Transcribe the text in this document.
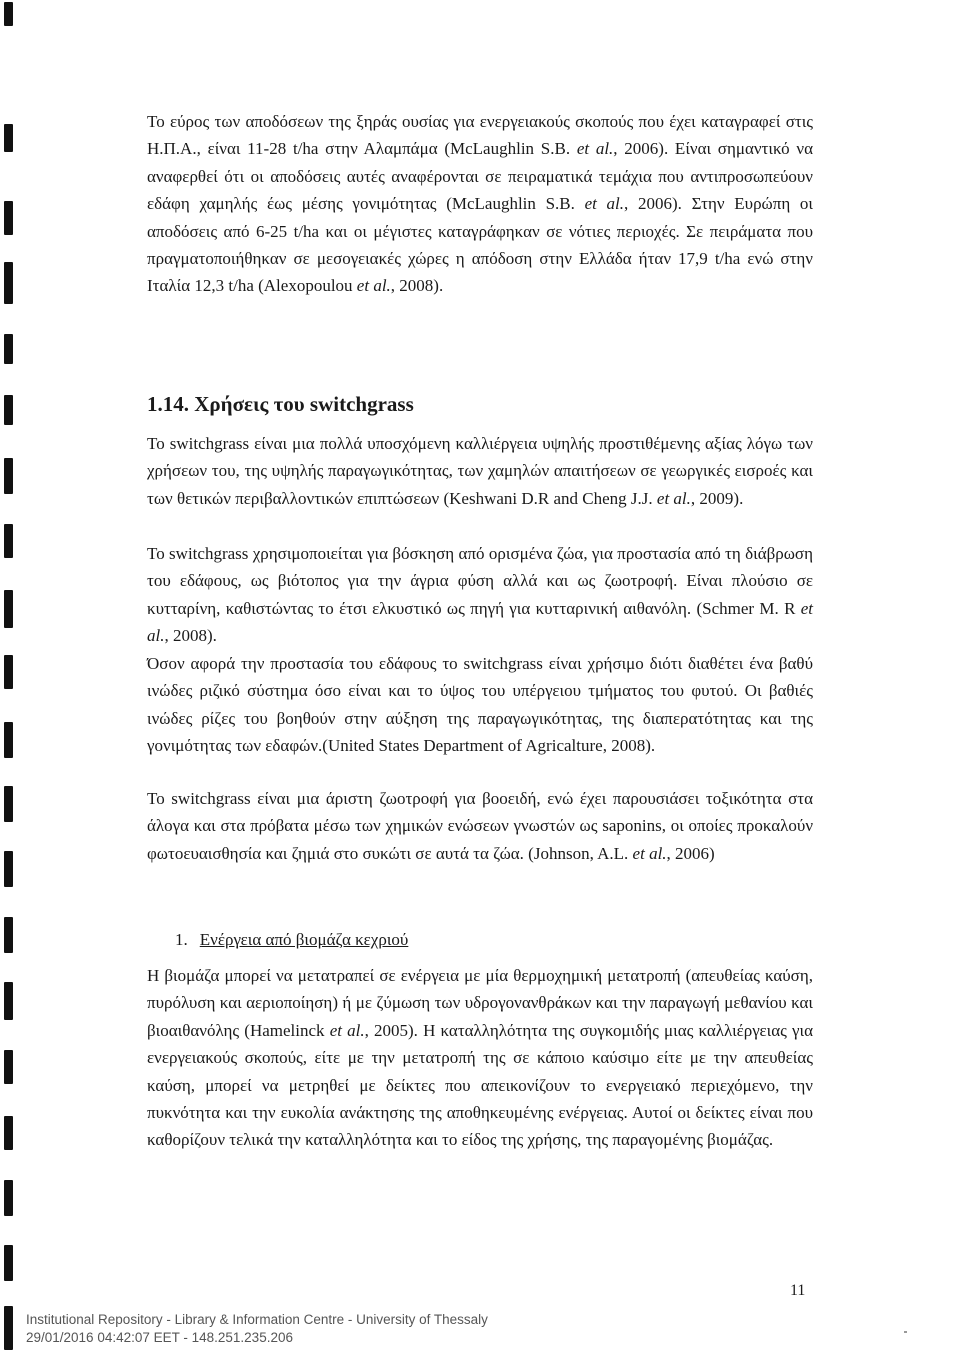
Το εύρος των αποδόσεων της ξηράς ουσίας για ενεργειακούς σκοπούς που έχει καταγραφεί στις Η.Π.Α., είναι 11-28 t/ha στην Αλαμπάμα (McLaughlin S.B. et al., 2006). Είναι σημαντικό να αναφερθεί ότι οι αποδόσεις αυτές αναφέρονται σε πειραματικά τεμάχια που αντιπροσωπεύουν εδάφη χαμηλής έως μέσης γονιμότητας (McLaughlin S.B. et al., 2006). Στην Ευρώπη οι αποδόσεις από 6-25 t/ha και οι μέγιστες καταγράφηκαν σε νότιες περιοχές. Σε πειράματα που πραγματοποιήθηκαν σε μεσογειακές χώρες η απόδοση στην Ελλάδα ήταν 17,9 t/ha ενώ στην Ιταλία 12,3 t/ha (Alexopoulou et al., 2008).

1.14. Χρήσεις του switchgrass

Το switchgrass είναι μια πολλά υποσχόμενη καλλιέργεια υψηλής προστιθέμενης αξίας λόγω των χρήσεων του, της υψηλής παραγωγικότητας, των χαμηλών απαιτήσεων σε γεωργικές εισροές και των θετικών περιβαλλοντικών επιπτώσεων (Keshwani D.R and Cheng J.J. et al., 2009).

Το switchgrass χρησιμοποιείται για βόσκηση από ορισμένα ζώα, για προστασία από τη διάβρωση του εδάφους, ως βιότοπος για την άγρια φύση αλλά και ως ζωοτροφή. Είναι πλούσιο σε κυτταρίνη, καθιστώντας το έτσι ελκυστικό ως πηγή για κυτταρινική αιθανόλη. (Schmer M. R et al., 2008).

Όσον αφορά την προστασία του εδάφους το switchgrass είναι χρήσιμο διότι διαθέτει ένα βαθύ ινώδες ριζικό σύστημα όσο είναι και το ύψος του υπέργειου τμήματος του φυτού. Οι βαθιές ινώδες ρίζες του βοηθούν στην αύξηση της παραγωγικότητας, της διαπερατότητας και της γονιμότητας των εδαφών.(United States Department of Agricalture, 2008).

Το switchgrass είναι μια άριστη ζωοτροφή για βοοειδή, ενώ έχει παρουσιάσει τοξικότητα στα άλογα και στα πρόβατα μέσω των χημικών ενώσεων γνωστών ως saponins, οι οποίες προκαλούν φωτοευαισθησία και ζημιά στο συκώτι σε αυτά τα ζώα. (Johnson, A.L. et al., 2006)

1. Ενέργεια από βιομάζα κεχριού

Η βιομάζα μπορεί να μετατραπεί σε ενέργεια με μία θερμοχημική μετατροπή (απευθείας καύση, πυρόλυση και αεριοποίηση) ή με ζύμωση των υδρογονανθράκων και την παραγωγή μεθανίου και βιοαιθανόλης (Hamelinck et al., 2005). Η καταλληλότητα της συγκομιδής μιας καλλιέργειας για ενεργειακούς σκοπούς, είτε με την μετατροπή της σε κάποιο καύσιμο είτε με την απευθείας καύση, μπορεί να μετρηθεί με δείκτες που απεικονίζουν το ενεργειακό περιεχόμενο, την πυκνότητα και την ευκολία ανάκτησης της αποθηκευμένης ενέργειας. Αυτοί οι δείκτες είναι που καθορίζουν τελικά την καταλληλότητα και το είδος της χρήσης, της παραγομένης βιομάζας.

11
Institutional Repository - Library & Information Centre - University of Thessaly
29/01/2016 04:42:07 EET - 148.251.235.206
